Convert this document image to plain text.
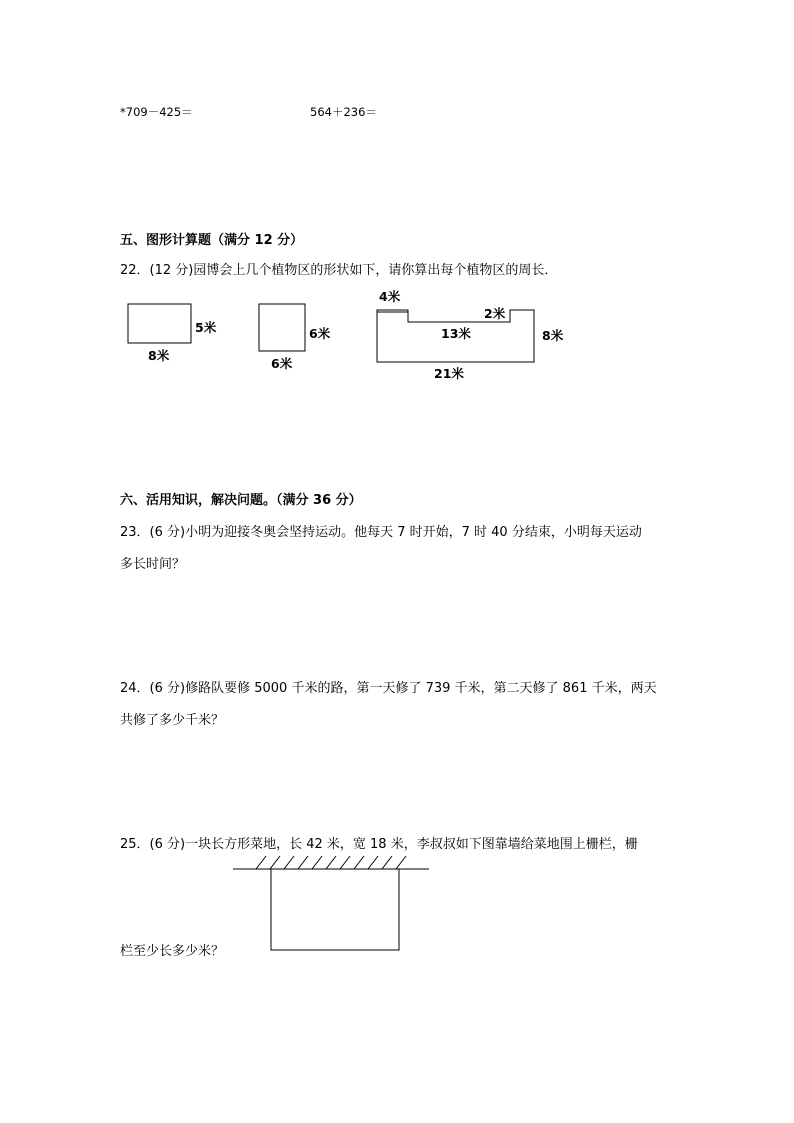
*709－425＝	564＋236＝
五、图形计算题（满分 12 分）
22．(12 分)园博会上几个植物区的形状如下，请你算出每个植物区的周长．
5米
8米
6米
6米
4米
2米
13米	8米
21米
六、活用知识，解决问题。（满分 36 分）
23．(6 分)小明为迎接冬奥会坚持运动。他每天 7 时开始，7 时 40 分结束，小明每天运动
多长时间？
24．(6 分)修路队要修 5000 千米的路，第一天修了 739 千米，第二天修了 861 千米，两天
共修了多少千米？
25．(6 分)一块长方形菜地，长 42 米，宽 18 米，李叔叔如下图靠墙给菜地围上栅栏，栅
栏至少长多少米？
